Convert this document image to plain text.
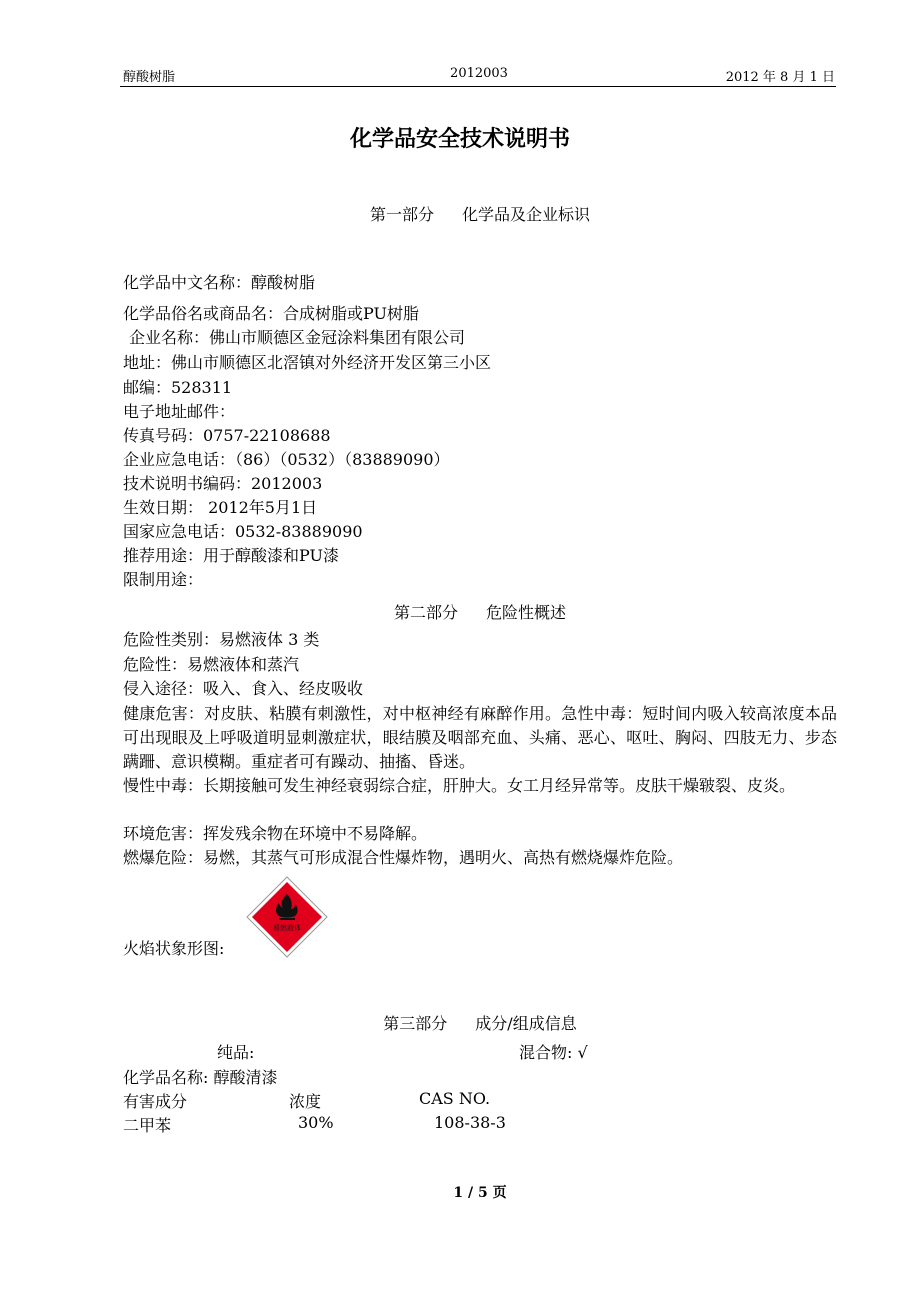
醇酸树脂	2012003	2012 年 8 月 1 日
化学品安全技术说明书
第一部分 化学品及企业标识
化学品中文名称：醇酸树脂
化学品俗名或商品名：合成树脂或PU树脂
企业名称：佛山市顺德区金冠涂料集团有限公司
地址：佛山市顺德区北滘镇对外经济开发区第三小区
邮编：528311
电子地址邮件：
传真号码：0757-22108688
企业应急电话：（86）（0532）（83889090）
技术说明书编码：2012003
生效日期： 2012年5月1日
国家应急电话：0532-83889090
推荐用途：用于醇酸漆和PU漆
限制用途：
第二部分 危险性概述
危险性类别：易燃液体 3 类
危险性：易燃液体和蒸汽
侵入途径：吸入、食入、经皮吸收
健康危害：对皮肤、粘膜有刺激性，对中枢神经有麻醉作用。急性中毒：短时间内吸入较高浓度本品可出现眼及上呼吸道明显刺激症状，眼结膜及咽部充血、头痛、恶心、呕吐、胸闷、四肢无力、步态蹒跚、意识模糊。重症者可有躁动、抽搐、昏迷。
慢性中毒：长期接触可发生神经衰弱综合症，肝肿大。女工月经异常等。皮肤干燥皲裂、皮炎。
环境危害：挥发残余物在环境中不易降解。
燃爆危险：易燃，其蒸气可形成混合性爆炸物，遇明火、高热有燃烧爆炸危险。
火焰状象形图:
易燃液体
第三部分 成分/组成信息
纯品:	混合物: √
化学品名称: 醇酸清漆
有害成分	浓度	CAS NO.
二甲苯	30%	108-38-3
1 / 5 页
